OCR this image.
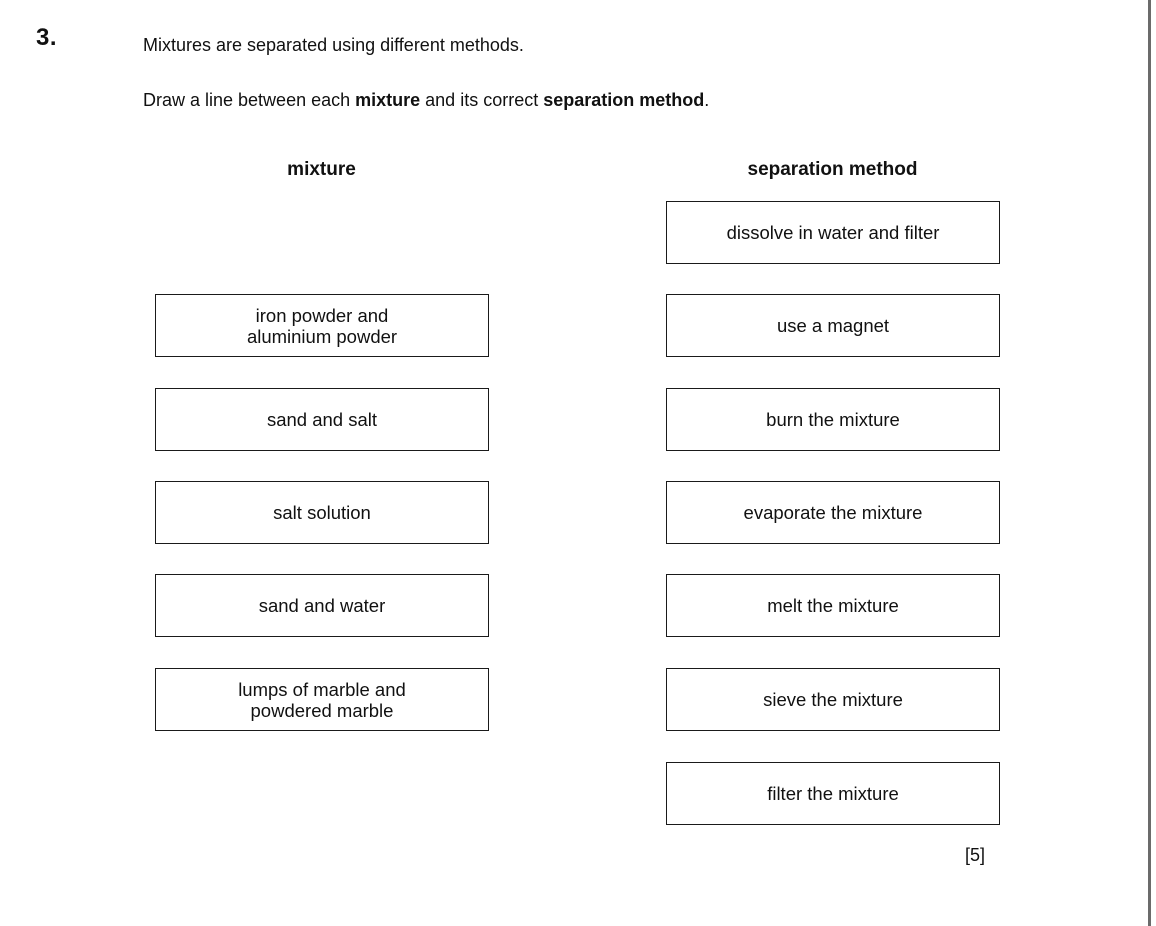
3.	Mixtures are separated using different methods.
Draw a line between each mixture and its correct separation method.
mixture	separation method
iron powder and
aluminium powder
sand and salt
salt solution
sand and water
lumps of marble and
powdered marble
dissolve in water and filter
use a magnet
burn the mixture
evaporate the mixture
melt the mixture
sieve the mixture
filter the mixture
[5]
